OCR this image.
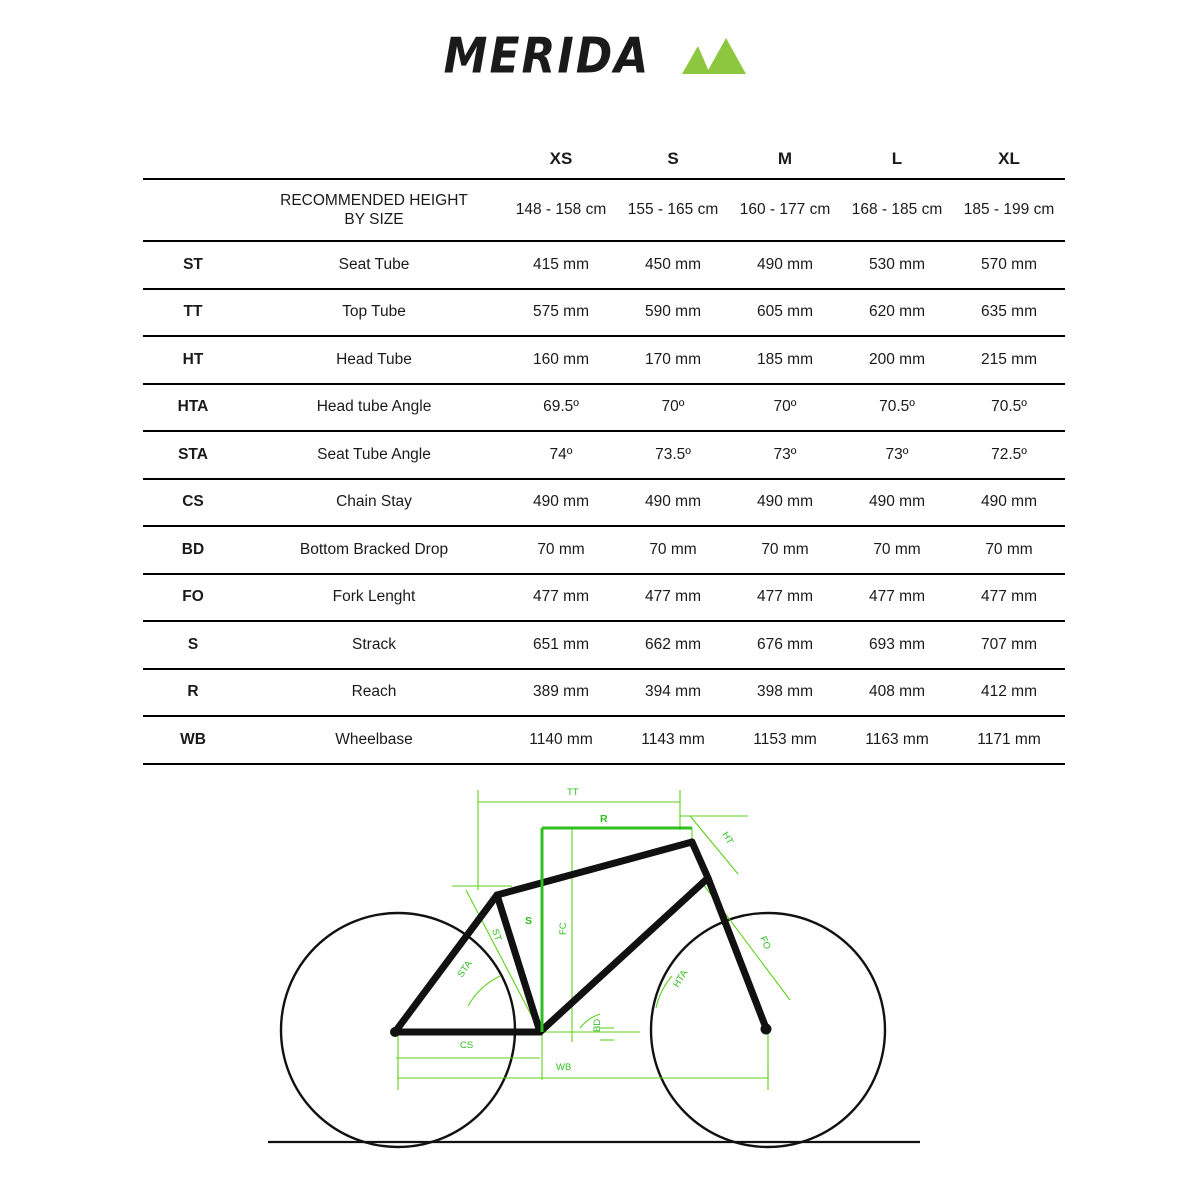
MERIDA
		XS	S	M	L	XL

	RECOMMENDED HEIGHT
BY SIZE	148 - 158 cm	155 - 165 cm	160 - 177 cm	168 - 185 cm	185 - 199 cm
ST	Seat Tube	415 mm	450 mm	490 mm	530 mm	570 mm
TT	Top Tube	575 mm	590 mm	605 mm	620 mm	635 mm
HT	Head Tube	160 mm	170 mm	185 mm	200 mm	215 mm
HTA	Head tube Angle	69.5º	70º	70º	70.5º	70.5º
STA	Seat Tube Angle	74º	73.5º	73º	73º	72.5º
CS	Chain Stay	490 mm	490 mm	490 mm	490 mm	490 mm
BD	Bottom Bracked Drop	70 mm	70 mm	70 mm	70 mm	70 mm
FO	Fork Lenght	477 mm	477 mm	477 mm	477 mm	477 mm
S	Strack	651 mm	662 mm	676 mm	693 mm	707 mm
R	Reach	389 mm	394 mm	398 mm	408 mm	412 mm
WB	Wheelbase	1140 mm	1143 mm	1153 mm	1163 mm	1171 mm
TT
R
HT
ST
S
FC
STA	HTA
FO
CS
WB
BD
